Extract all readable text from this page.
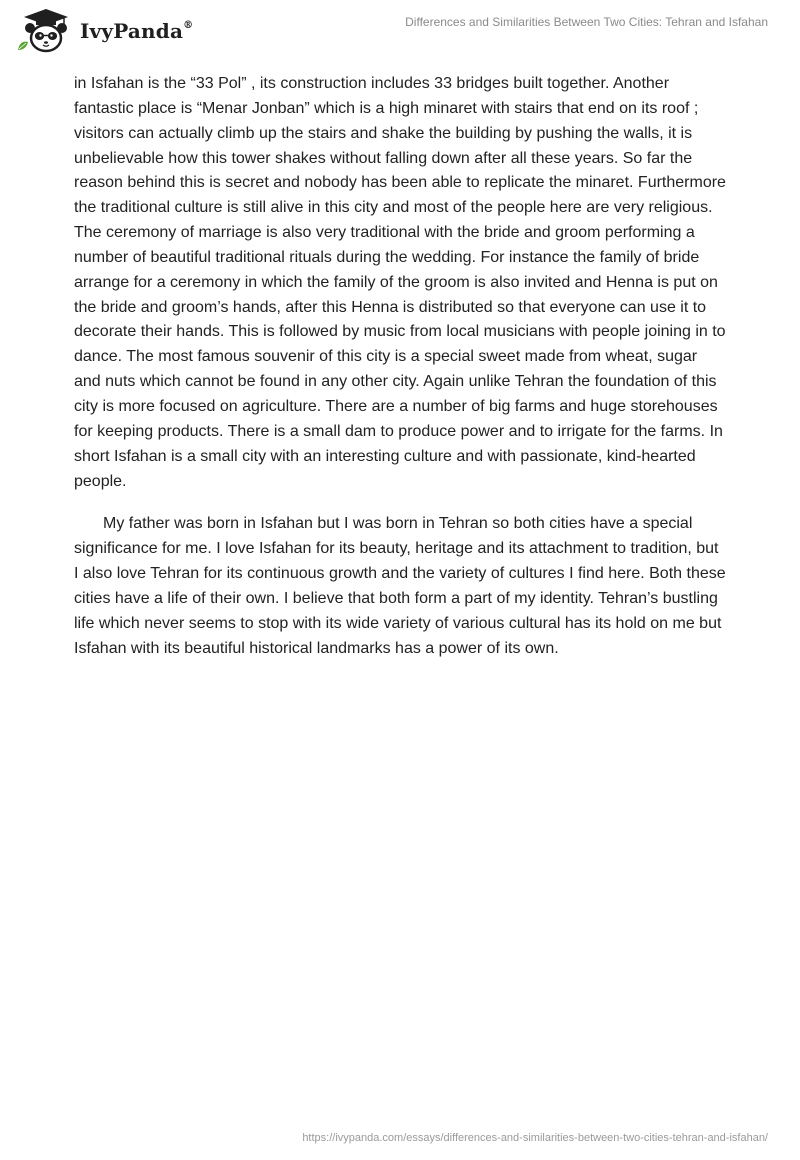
IvyPanda®	Differences and Similarities Between Two Cities: Tehran and Isfahan

in Isfahan is the “33 Pol” , its construction includes 33 bridges built together. Another fantastic place is “Menar Jonban” which is a high minaret with stairs that end on its roof ; visitors can actually climb up the stairs and shake the building by pushing the walls, it is unbelievable how this tower shakes without falling down after all these years. So far the reason behind this is secret and nobody has been able to replicate the minaret. Furthermore the traditional culture is still alive in this city and most of the people here are very religious. The ceremony of marriage is also very traditional with the bride and groom performing a number of beautiful traditional rituals during the wedding. For instance the family of bride arrange for a ceremony in which the family of the groom is also invited and Henna is put on the bride and groom’s hands, after this Henna is distributed so that everyone can use it to decorate their hands. This is followed by music from local musicians with people joining in to dance. The most famous souvenir of this city is a special sweet made from wheat, sugar and nuts which cannot be found in any other city. Again unlike Tehran the foundation of this city is more focused on agriculture. There are a number of big farms and huge storehouses for keeping products. There is a small dam to produce power and to irrigate for the farms. In short Isfahan is a small city with an interesting culture and with passionate, kind-hearted people.

My father was born in Isfahan but I was born in Tehran so both cities have a special significance for me. I love Isfahan for its beauty, heritage and its attachment to tradition, but I also love Tehran for its continuous growth and the variety of cultures I find here. Both these cities have a life of their own. I believe that both form a part of my identity. Tehran’s bustling life which never seems to stop with its wide variety of various cultural has its hold on me but Isfahan with its beautiful historical landmarks has a power of its own.

https://ivypanda.com/essays/differences-and-similarities-between-two-cities-tehran-and-isfahan/
